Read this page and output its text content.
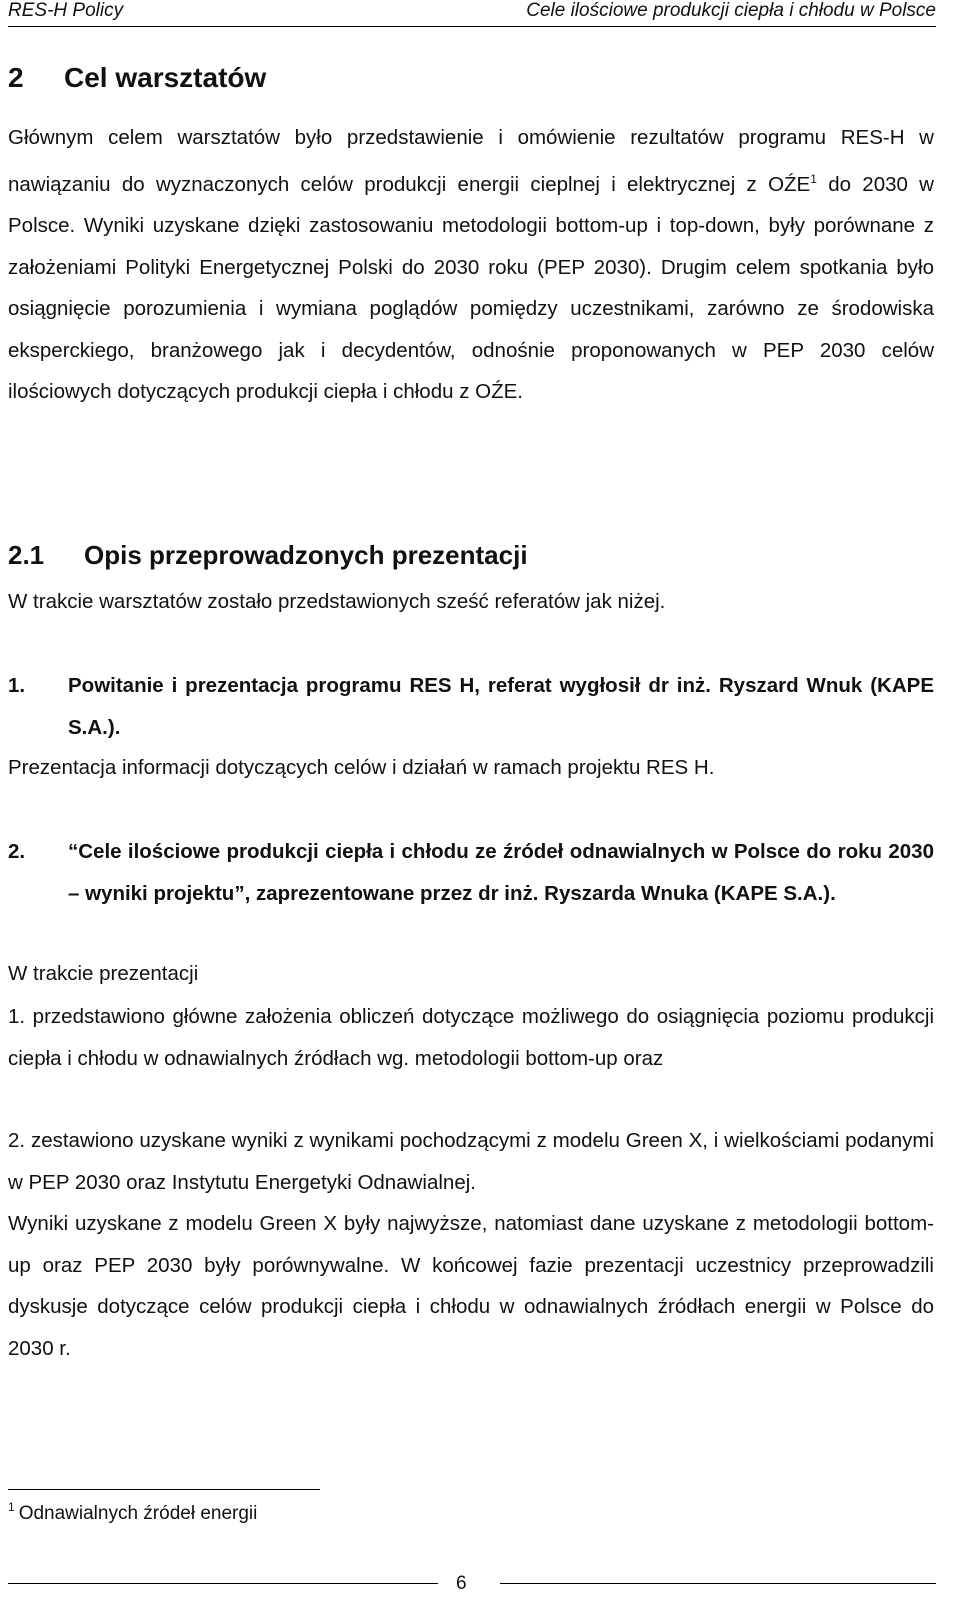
RES-H Policy	Cele ilościowe produkcji ciepła i chłodu w Polsce
2 Cel warsztatów

Głównym celem warsztatów było przedstawienie i omówienie rezultatów programu RES-H w nawiązaniu do wyznaczonych celów produkcji energii cieplnej i elektrycznej z OŹE$^1$ do 2030 w Polsce. Wyniki uzyskane dzięki zastosowaniu metodologii bottom-up i top-down, były porównane z założeniami Polityki Energetycznej Polski do 2030 roku (PEP 2030). Drugim celem spotkania było osiągnięcie porozumienia i wymiana poglądów pomiędzy uczestnikami, zarówno ze środowiska eksperckiego, branżowego jak i decydentów, odnośnie proponowanych w PEP 2030 celów ilościowych dotyczących produkcji ciepła i chłodu z OŹE.

2.1 Opis przeprowadzonych prezentacji
W trakcie warsztatów zostało przedstawionych sześć referatów jak niżej.
1. Powitanie i prezentacja programu RES H, referat wygłosił dr inż. Ryszard Wnuk (KAPE S.A.).
Prezentacja informacji dotyczących celów i działań w ramach projektu RES H.
2. “Cele ilościowe produkcji ciepła i chłodu ze źródeł odnawialnych w Polsce do roku 2030 – wyniki projektu”, zaprezentowane przez dr inż. Ryszarda Wnuka (KAPE S.A.).
W trakcie prezentacji

1. przedstawiono główne założenia obliczeń dotyczące możliwego do osiągnięcia poziomu produkcji ciepła i chłodu w odnawialnych źródłach wg. metodologii bottom-up oraz

2. zestawiono uzyskane wyniki z wynikami pochodzącymi z modelu Green X, i wielkościami podanymi w PEP 2030 oraz Instytutu Energetyki Odnawialnej.

Wyniki uzyskane z modelu Green X były najwyższe, natomiast dane uzyskane z metodologii bottom-up oraz PEP 2030 były porównywalne. W końcowej fazie prezentacji uczestnicy przeprowadzili dyskusje dotyczące celów produkcji ciepła i chłodu w odnawialnych źródłach energii w Polsce do 2030 r.

$^1$ Odnawialnych źródeł energii
6
